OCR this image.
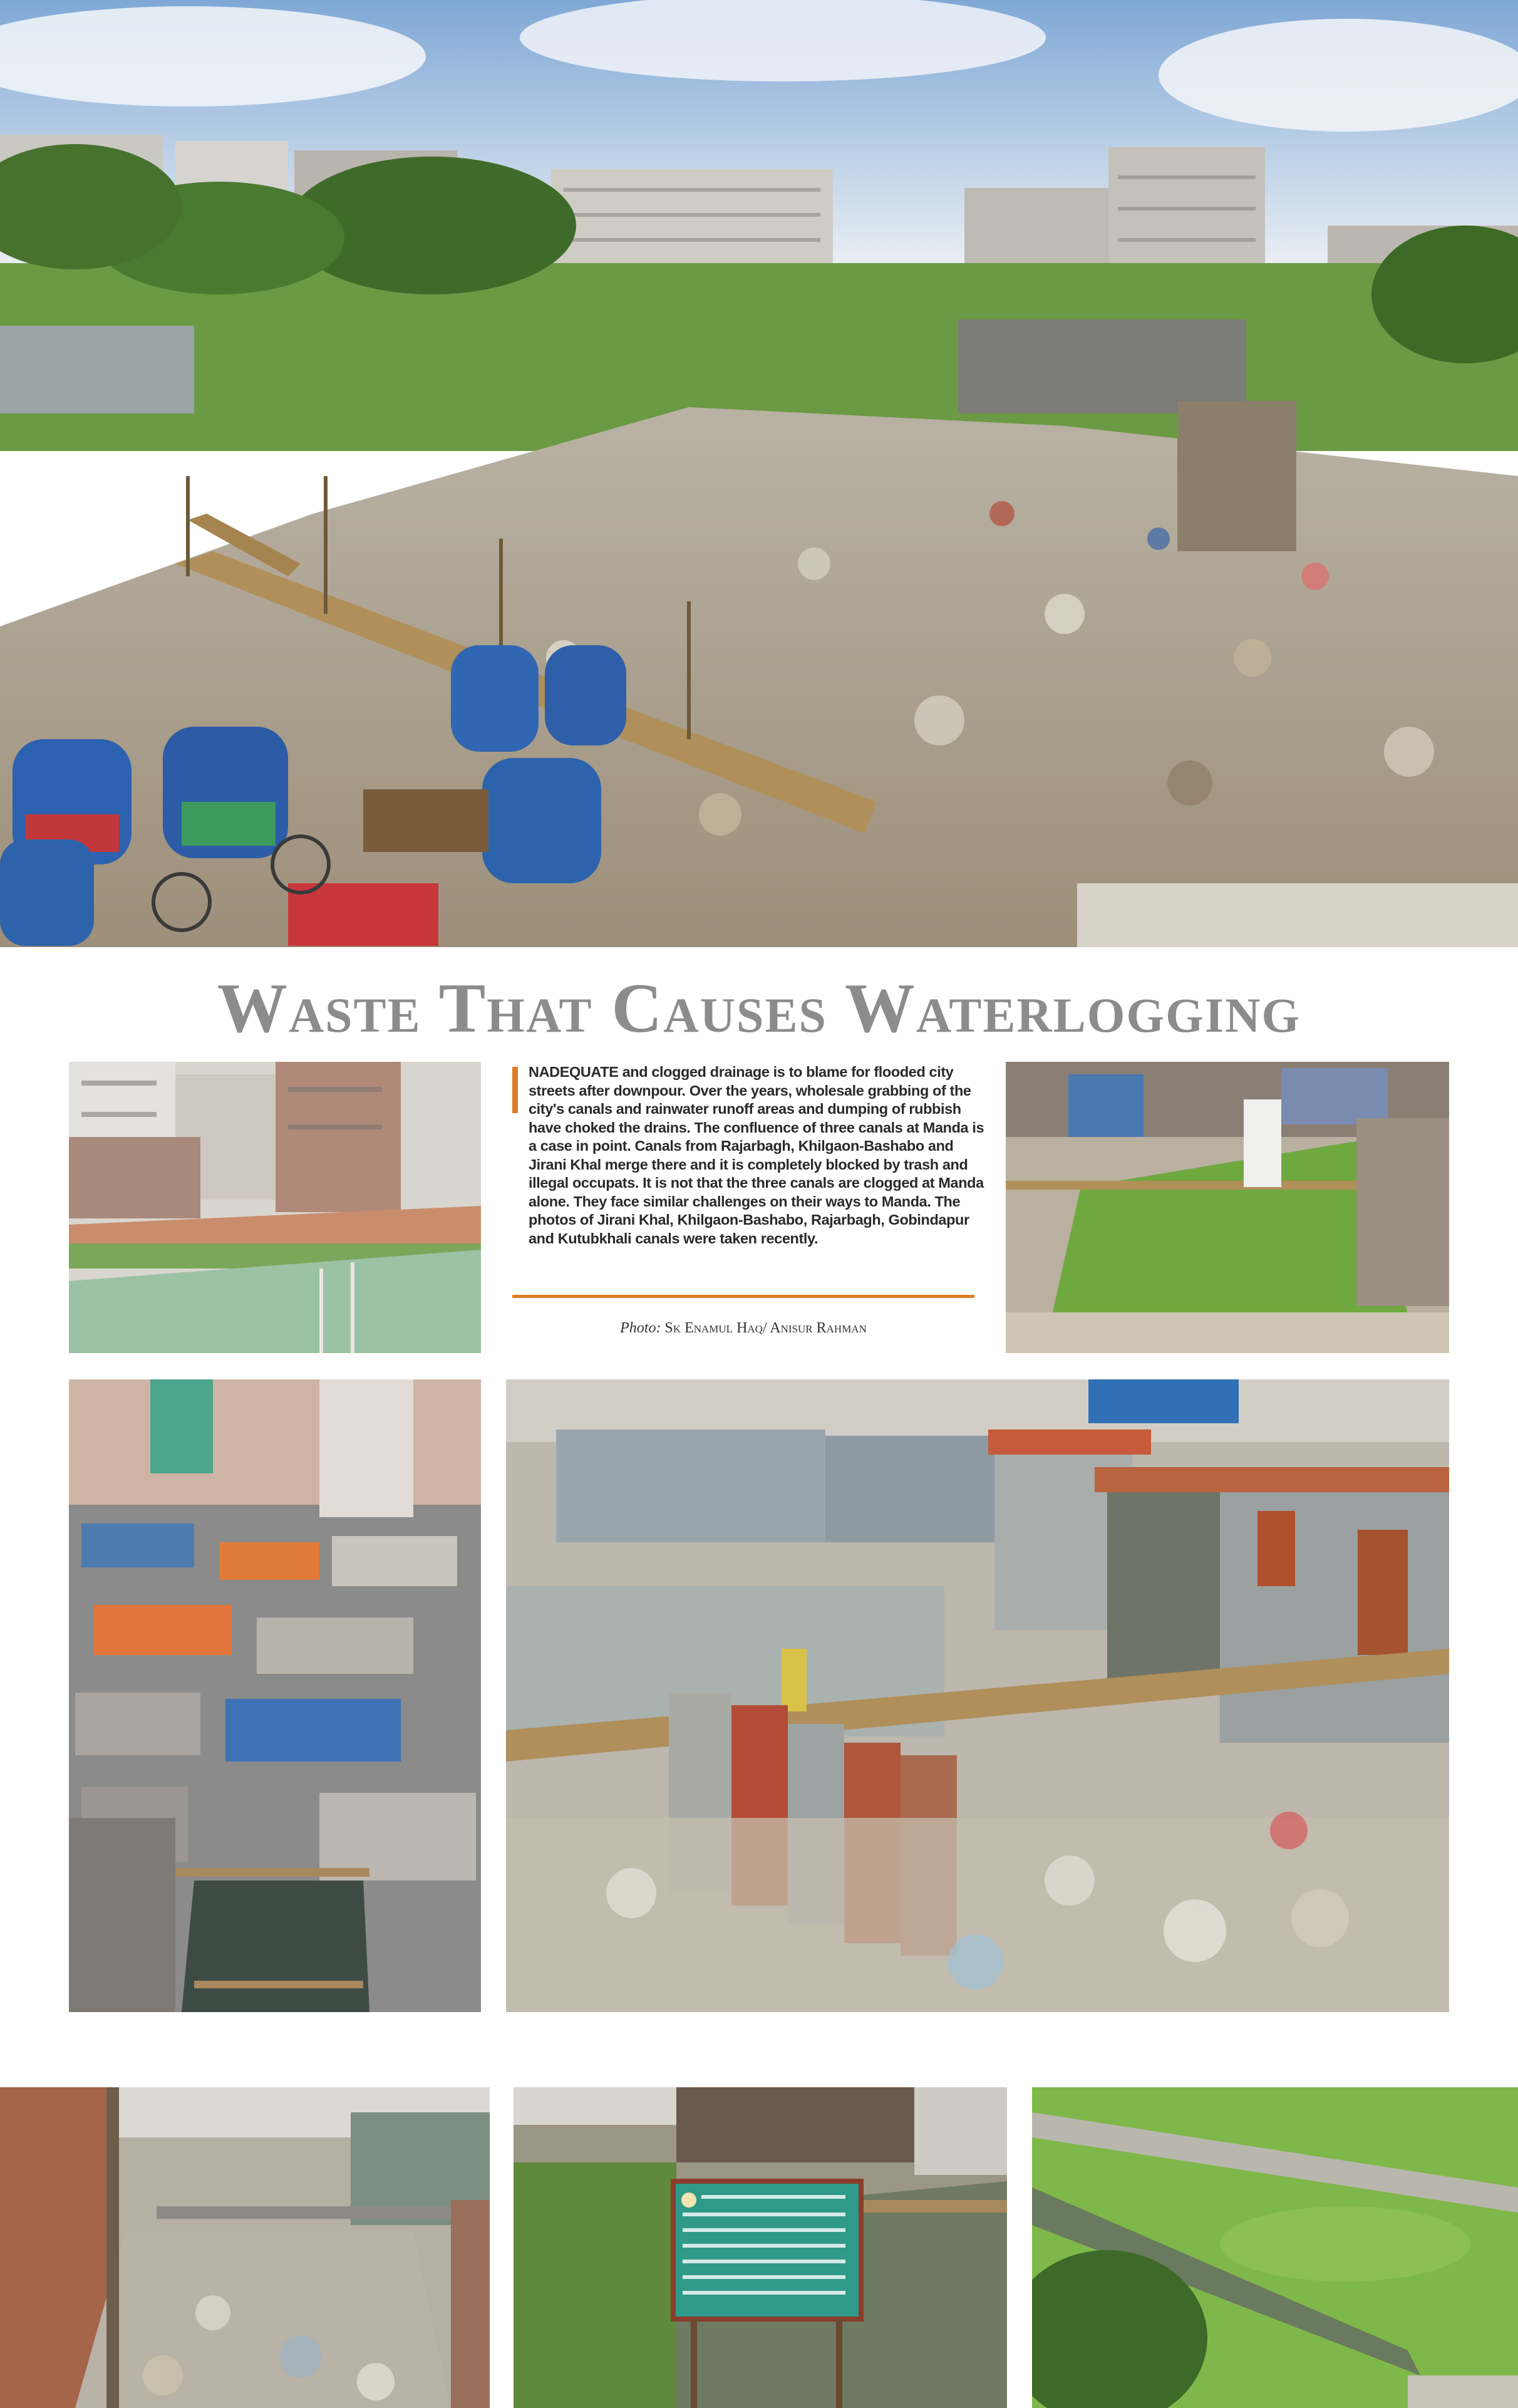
Waste That Causes Waterlogging

NADEQUATE and clogged drainage is to blame for flooded city streets after downpour. Over the years, wholesale grabbing of the city's canals and rainwater runoff areas and dumping of rubbish have choked the drains. The confluence of three canals at Manda is a case in point. Canals from Rajarbagh, Khilgaon-Bashabo and Jirani Khal merge there and it is completely blocked by trash and illegal occupats. It is not that the three canals are clogged at Manda alone. They face similar challenges on their ways to Manda. The photos of Jirani Khal, Khilgaon-Bashabo, Rajarbagh, Gobindapur and Kutubkhali canals were taken recently.

Photo: Sk Enamul Haq/ Anisur Rahman
